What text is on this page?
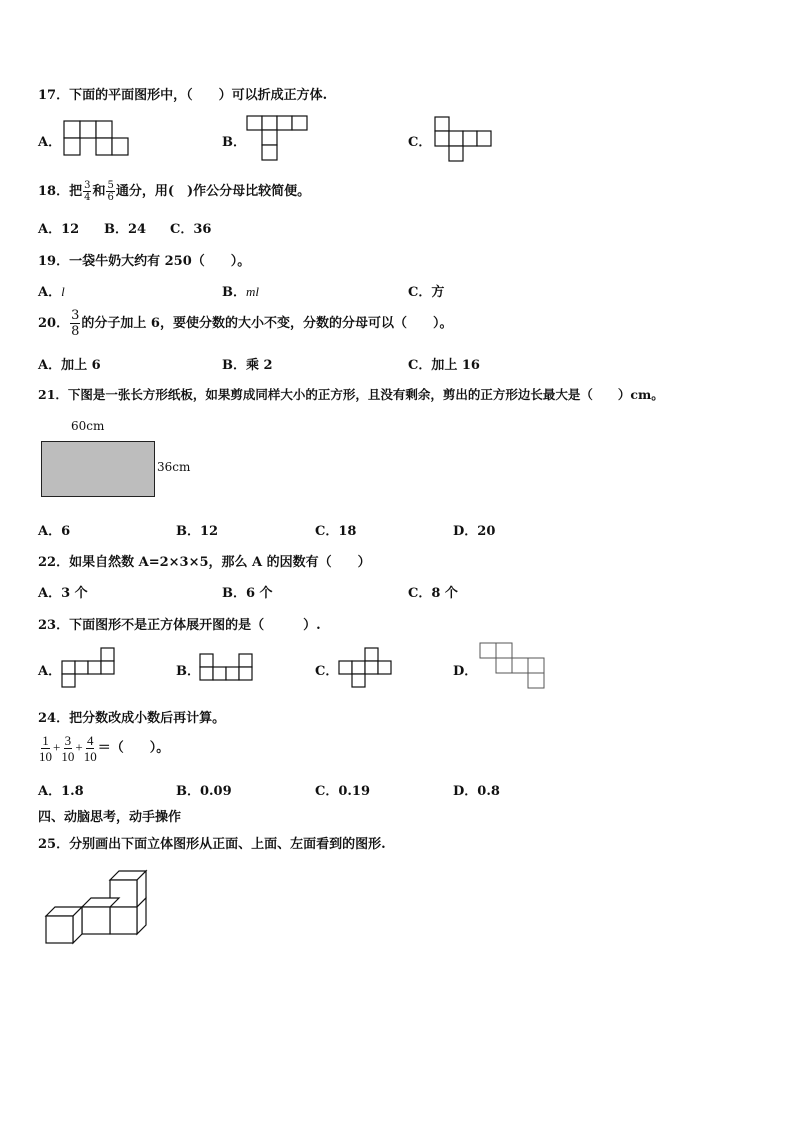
17．下面的平面图形中，（　　）可以折成正方体.
A．	B．	C．
18．把 $\frac{3}{4}$ 和 $\frac{5}{6}$ 通分，用(　)作公分母比较简便。
A．12 B．24 C．36
19．一袋牛奶大约有 250（　　）。
A．l	B．ml	C．方
20． $\frac{3}{8}$ 的分子加上 6，要使分数的大小不变，分数的分母可以（　　）。
A．加上 6	B．乘 2	C．加上 16
21．下图是一张长方形纸板，如果剪成同样大小的正方形，且没有剩余，剪出的正方形边长最大是（　　）cm。
60cm
36cm
A．6	B．12	C．18	D．20
22．如果自然数 A=2×3×5，那么 A 的因数有（　　）
A．3 个	B．6 个	C．8 个
23．下面图形不是正方体展开图的是（　　　）.
A．	B．	C．	D．
24．把分数改成小数后再计算。
$\frac{1}{10} + \frac{3}{10} + \frac{4}{10}$ ＝（　　）。
A．1.8	B．0.09	C．0.19	D．0.8
四、动脑思考，动手操作
25．分别画出下面立体图形从正面、上面、左面看到的图形.
